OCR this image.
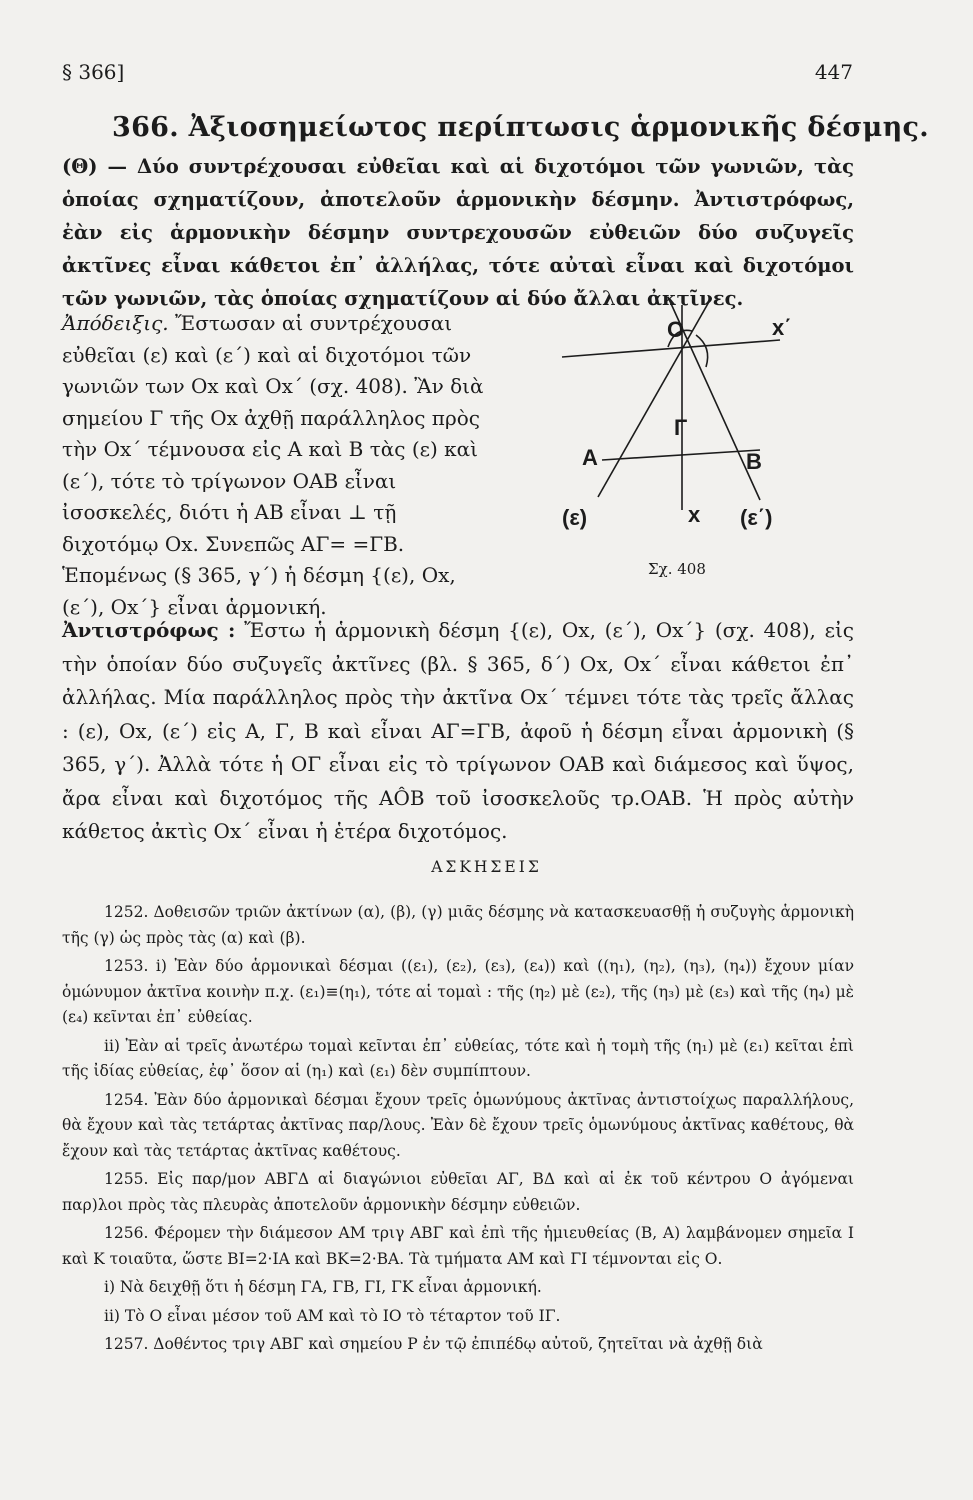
§ 366]	447
366. Ἀξιοσημείωτος περίπτωσις ἁρμονικῆς δέσμης.
(Θ) — Δύο συντρέχουσαι εὐθεῖαι καὶ αἱ διχοτόμοι τῶν γωνιῶν, τὰς ὁποίας σχηματίζουν, ἀποτελοῦν ἁρμονικὴν δέσμην. Ἀντιστρόφως, ἐὰν εἰς ἁρμονικὴν δέσμην συντρεχουσῶν εὐθειῶν δύο συζυγεῖς ἀκτῖνες εἶναι κάθετοι ἐπ᾿ ἀλλήλας, τότε αὐταὶ εἶναι καὶ διχοτόμοι τῶν γωνιῶν, τὰς ὁποίας σχηματίζουν αἱ δύο ἄλλαι ἀκτῖνες.

Ἀπόδειξις. Ἔστωσαν αἱ συντρέχουσαι εὐθεῖαι (ε) καὶ (ε΄) καὶ αἱ διχοτόμοι τῶν γωνιῶν των Ox καὶ Ox΄ (σχ. 408). Ἂν διὰ σημείου Γ τῆς Ox ἀχθῇ παράλληλος πρὸς τὴν Ox΄ τέμνουσα εἰς A καὶ B τὰς (ε) καὶ (ε΄), τότε τὸ τρίγωνον OAB εἶναι ἰσοσκελές, διότι ἡ AB εἶναι ⊥ τῇ διχοτόμῳ Ox. Συνεπῶς AΓ= =ΓB. Ἑπομένως (§ 365, γ΄) ἡ δέσμη {(ε), Ox, (ε΄), Ox΄} εἶναι ἁρμονική.

O	x΄
A
Γ
B
(ε)	x (ε΄)
Σχ. 408
Ἀντιστρόφως : Ἔστω ἡ ἁρμονικὴ δέσμη {(ε), Ox, (ε΄), Ox΄} (σχ. 408), εἰς τὴν ὁποίαν δύο συζυγεῖς ἀκτῖνες (βλ. § 365, δ΄) Ox, Ox΄ εἶναι κάθετοι ἐπ᾿ ἀλλήλας. Μία παράλληλος πρὸς τὴν ἀκτῖνα Ox΄ τέμνει τότε τὰς τρεῖς ἄλλας : (ε), Ox, (ε΄) εἰς A, Γ, B καὶ εἶναι AΓ=ΓB, ἀφοῦ ἡ δέσμη εἶναι ἁρμονικὴ (§ 365, γ΄). Ἀλλὰ τότε ἡ OΓ εἶναι εἰς τὸ τρίγωνον OAB καὶ διάμεσος καὶ ὕψος, ἄρα εἶναι καὶ διχοτόμος τῆς AÔB τοῦ ἰσοσκελοῦς τρ.OAB. Ἡ πρὸς αὐτὴν κάθετος ἀκτὶς Ox΄ εἶναι ἡ ἑτέρα διχοτόμος.
ΑΣΚΗΣΕΙΣ

1252. Δοθεισῶν τριῶν ἀκτίνων (α), (β), (γ) μιᾶς δέσμης νὰ κατασκευασθῇ ἡ συζυγὴς ἁρμονικὴ τῆς (γ) ὡς πρὸς τὰς (α) καὶ (β).

1253. i) Ἐὰν δύο ἁρμονικαὶ δέσμαι ((ε₁), (ε₂), (ε₃), (ε₄)) καὶ ((η₁), (η₂), (η₃), (η₄)) ἔχουν μίαν ὁμώνυμον ἀκτῖνα κοινὴν π.χ. (ε₁)≡(η₁), τότε αἱ τομαὶ : τῆς (η₂) μὲ (ε₂), τῆς (η₃) μὲ (ε₃) καὶ τῆς (η₄) μὲ (ε₄) κεῖνται ἐπ᾿ εὐθείας.

ii) Ἐὰν αἱ τρεῖς ἀνωτέρω τομαὶ κεῖνται ἐπ᾿ εὐθείας, τότε καὶ ἡ τομὴ τῆς (η₁) μὲ (ε₁) κεῖται ἐπὶ τῆς ἰδίας εὐθείας, ἐφ᾿ ὅσον αἱ (η₁) καὶ (ε₁) δὲν συμπίπτουν.

1254. Ἐὰν δύο ἁρμονικαὶ δέσμαι ἔχουν τρεῖς ὁμωνύμους ἀκτῖνας ἀντιστοίχως παραλλήλους, θὰ ἔχουν καὶ τὰς τετάρτας ἀκτῖνας παρ/λους. Ἐὰν δὲ ἔχουν τρεῖς ὁμωνύμους ἀκτῖνας καθέτους, θὰ ἔχουν καὶ τὰς τετάρτας ἀκτῖνας καθέτους.

1255. Εἰς παρ/μον ΑΒΓΔ αἱ διαγώνιοι εὐθεῖαι ΑΓ, ΒΔ καὶ αἱ ἐκ τοῦ κέντρου Ο ἀγόμεναι παρ)λοι πρὸς τὰς πλευρὰς ἀποτελοῦν ἁρμονικὴν δέσμην εὐθειῶν.

1256. Φέρομεν τὴν διάμεσον ΑΜ τριγ ΑΒΓ καὶ ἐπὶ τῆς ἡμιευθείας (Β, Α) λαμβάνομεν σημεῖα Ι καὶ Κ τοιαῦτα, ὥστε ΒΙ=2·ΙΑ καὶ ΒΚ=2·ΒΑ. Τὰ τμήματα ΑΜ καὶ ΓΙ τέμνονται εἰς Ο.

i) Νὰ δειχθῇ ὅτι ἡ δέσμη ΓΑ, ΓΒ, ΓΙ, ΓΚ εἶναι ἁρμονική.

ii) Τὸ Ο εἶναι μέσον τοῦ ΑΜ καὶ τὸ ΙΟ τὸ τέταρτον τοῦ ΙΓ.

1257. Δοθέντος τριγ ΑΒΓ καὶ σημείου Ρ ἐν τῷ ἐπιπέδῳ αὐτοῦ, ζητεῖται νὰ ἀχθῇ διὰ
